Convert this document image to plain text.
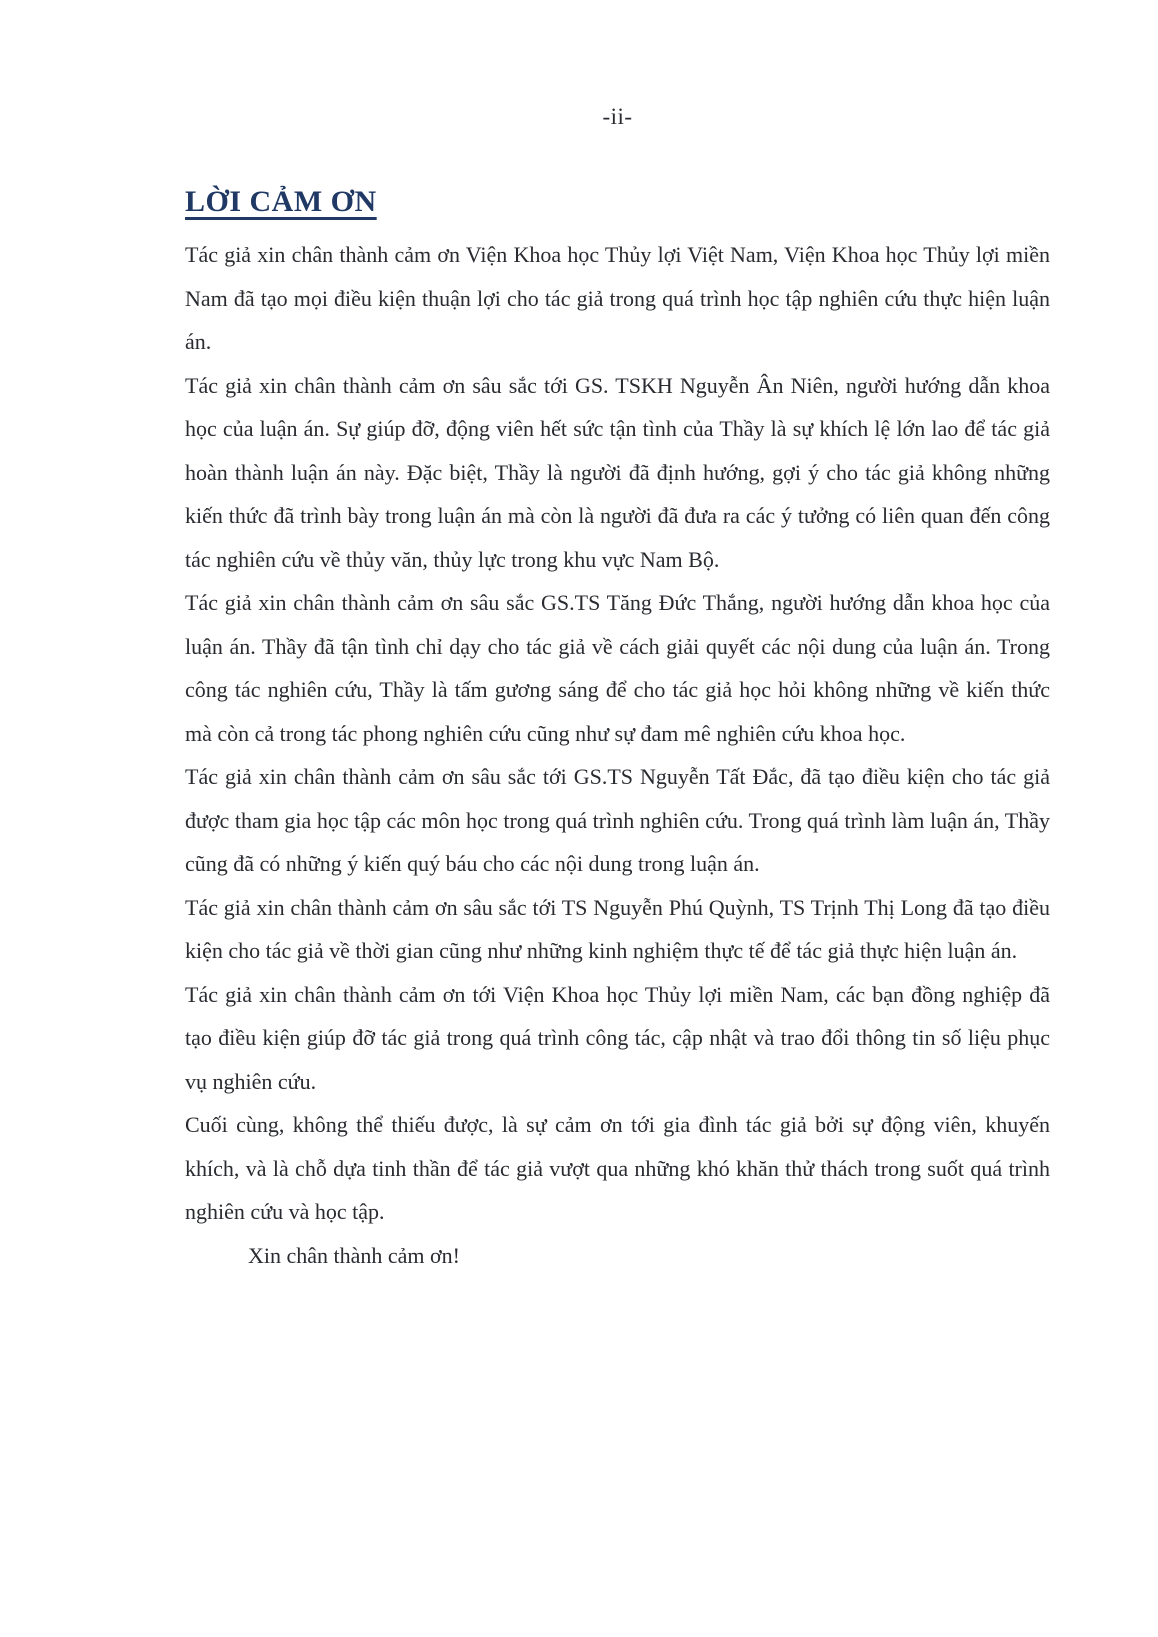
-ii-
LỜI CẢM ƠN

Tác giả xin chân thành cảm ơn Viện Khoa học Thủy lợi Việt Nam, Viện Khoa học Thủy lợi miền Nam đã tạo mọi điều kiện thuận lợi cho tác giả trong quá trình học tập nghiên cứu thực hiện luận án.

Tác giả xin chân thành cảm ơn sâu sắc tới GS. TSKH Nguyễn Ân Niên, người hướng dẫn khoa học của luận án. Sự giúp đỡ, động viên hết sức tận tình của Thầy là sự khích lệ lớn lao để tác giả hoàn thành luận án này. Đặc biệt, Thầy là người đã định hướng, gợi ý cho tác giả không những kiến thức đã trình bày trong luận án mà còn là người đã đưa ra các ý tưởng có liên quan đến công tác nghiên cứu về thủy văn, thủy lực trong khu vực Nam Bộ.

Tác giả xin chân thành cảm ơn sâu sắc GS.TS Tăng Đức Thắng, người hướng dẫn khoa học của luận án. Thầy đã tận tình chỉ dạy cho tác giả về cách giải quyết các nội dung của luận án. Trong công tác nghiên cứu, Thầy là tấm gương sáng để cho tác giả học hỏi không những về kiến thức mà còn cả trong tác phong nghiên cứu cũng như sự đam mê nghiên cứu khoa học.

Tác giả xin chân thành cảm ơn sâu sắc tới GS.TS Nguyễn Tất Đắc, đã tạo điều kiện cho tác giả được tham gia học tập các môn học trong quá trình nghiên cứu. Trong quá trình làm luận án, Thầy cũng đã có những ý kiến quý báu cho các nội dung trong luận án.

Tác giả xin chân thành cảm ơn sâu sắc tới TS Nguyễn Phú Quỳnh, TS Trịnh Thị Long đã tạo điều kiện cho tác giả về thời gian cũng như những kinh nghiệm thực tế để tác giả thực hiện luận án.

Tác giả xin chân thành cảm ơn tới Viện Khoa học Thủy lợi miền Nam, các bạn đồng nghiệp đã tạo điều kiện giúp đỡ tác giả trong quá trình công tác, cập nhật và trao đổi thông tin số liệu phục vụ nghiên cứu.

Cuối cùng, không thể thiếu được, là sự cảm ơn tới gia đình tác giả bởi sự động viên, khuyến khích, và là chỗ dựa tinh thần để tác giả vượt qua những khó khăn thử thách trong suốt quá trình nghiên cứu và học tập.

Xin chân thành cảm ơn!
